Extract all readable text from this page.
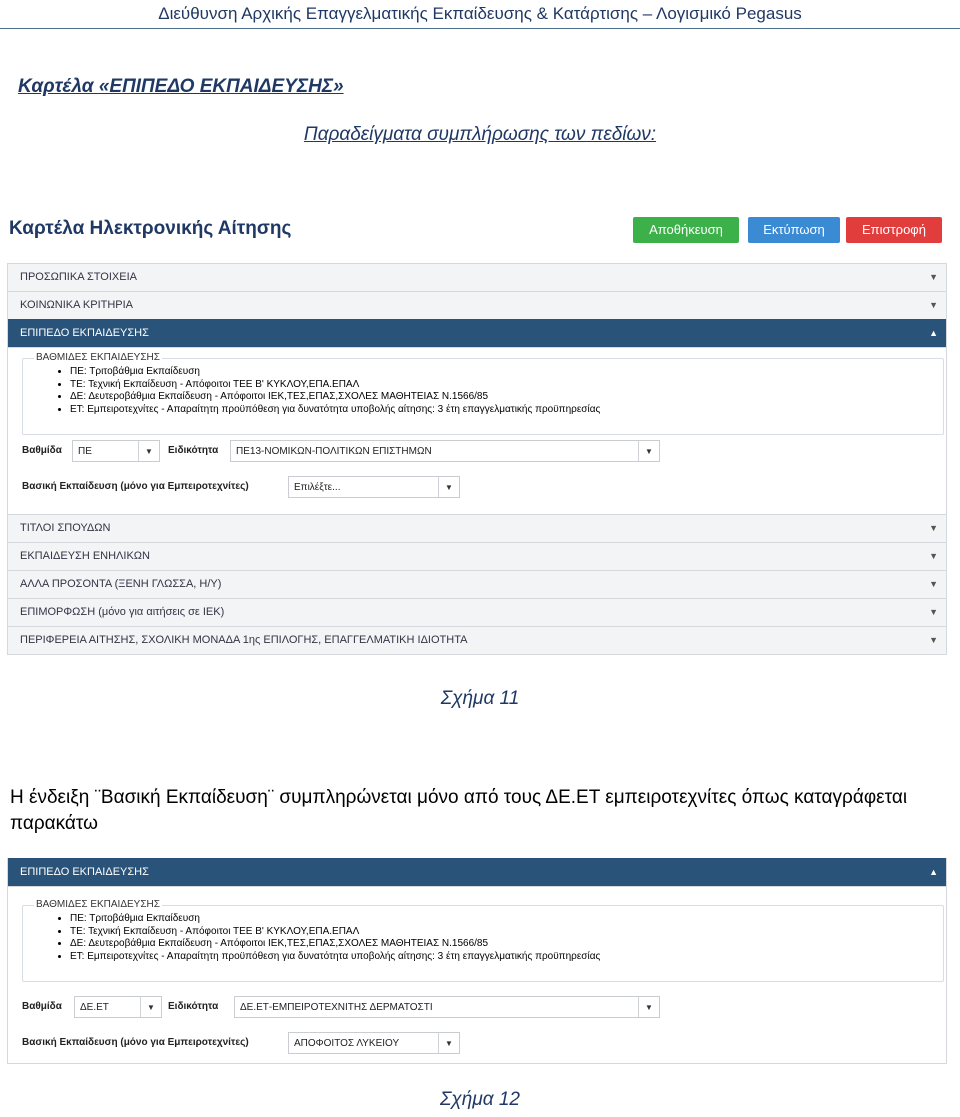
Διεύθυνση Αρχικής Επαγγελματικής Εκπαίδευσης & Κατάρτισης – Λογισμικό Pegasus
Καρτέλα «ΕΠΙΠΕΔΟ ΕΚΠΑΙΔΕΥΣΗΣ»
Παραδείγματα συμπλήρωσης των πεδίων:
Καρτέλα Ηλεκτρονικής Αίτησης	Αποθήκευση	Εκτύπωση	Επιστροφή
ΠΡΟΣΩΠΙΚΑ ΣΤΟΙΧΕΙΑ	▼
ΚΟΙΝΩΝΙΚΑ ΚΡΙΤΗΡΙΑ	▼
ΕΠΙΠΕΔΟ ΕΚΠΑΙΔΕΥΣΗΣ	▲
ΒΑΘΜΙΔΕΣ ΕΚΠΑΙΔΕΥΣΗΣ
• ΠΕ: Τριτοβάθμια Εκπαίδευση
• ΤΕ: Τεχνική Εκπαίδευση - Απόφοιτοι ΤΕΕ Β' ΚΥΚΛΟΥ,ΕΠΑ.ΕΠΑΛ
• ΔΕ: Δευτεροβάθμια Εκπαίδευση - Απόφοιτοι ΙΕΚ,ΤΕΣ,ΕΠΑΣ,ΣΧΟΛΕΣ ΜΑΘΗΤΕΙΑΣ Ν.1566/85
• ΕΤ: Εμπειροτεχνίτες - Απαραίτητη προϋπόθεση για δυνατότητα υποβολής αίτησης: 3 έτη επαγγελματικής προϋπηρεσίας
Βαθμίδα	ΠΕ	▼	Ειδικότητα	ΠΕ13-ΝΟΜΙΚΩΝ-ΠΟΛΙΤΙΚΩΝ ΕΠΙΣΤΗΜΩΝ	▼
Βασική Εκπαίδευση (μόνο για Εμπειροτεχνίτες)	Επιλέξτε...	▼
ΤΙΤΛΟΙ ΣΠΟΥΔΩΝ	▼
ΕΚΠΑΙΔΕΥΣΗ ΕΝΗΛΙΚΩΝ	▼
ΑΛΛΑ ΠΡΟΣΟΝΤΑ (ΞΕΝΗ ΓΛΩΣΣΑ, Η/Υ)	▼
ΕΠΙΜΟΡΦΩΣΗ (μόνο για αιτήσεις σε ΙΕΚ)	▼
ΠΕΡΙΦΕΡΕΙΑ ΑΙΤΗΣΗΣ, ΣΧΟΛΙΚΗ ΜΟΝΑΔΑ 1ης ΕΠΙΛΟΓΗΣ, ΕΠΑΓΓΕΛΜΑΤΙΚΗ ΙΔΙΟΤΗΤΑ	▼
Σχήμα 11
Η ένδειξη ¨Βασική Εκπαίδευση¨ συμπληρώνεται μόνο από τους ΔΕ.ΕΤ εμπειροτεχνίτες όπως καταγράφεται παρακάτω
ΕΠΙΠΕΔΟ ΕΚΠΑΙΔΕΥΣΗΣ	▲
ΒΑΘΜΙΔΕΣ ΕΚΠΑΙΔΕΥΣΗΣ
• ΠΕ: Τριτοβάθμια Εκπαίδευση
• ΤΕ: Τεχνική Εκπαίδευση - Απόφοιτοι ΤΕΕ Β' ΚΥΚΛΟΥ,ΕΠΑ.ΕΠΑΛ
• ΔΕ: Δευτεροβάθμια Εκπαίδευση - Απόφοιτοι ΙΕΚ,ΤΕΣ,ΕΠΑΣ,ΣΧΟΛΕΣ ΜΑΘΗΤΕΙΑΣ Ν.1566/85
• ΕΤ: Εμπειροτεχνίτες - Απαραίτητη προϋπόθεση για δυνατότητα υποβολής αίτησης: 3 έτη επαγγελματικής προϋπηρεσίας
Βαθμίδα	ΔΕ.ΕΤ	▼	Ειδικότητα	ΔΕ.ΕΤ-ΕΜΠΕΙΡΟΤΕΧΝΙΤΗΣ ΔΕΡΜΑΤΟΣΤΙ	▼
Βασική Εκπαίδευση (μόνο για Εμπειροτεχνίτες)	ΑΠΟΦΟΙΤΟΣ ΛΥΚΕΙΟΥ	▼
Σχήμα 12
